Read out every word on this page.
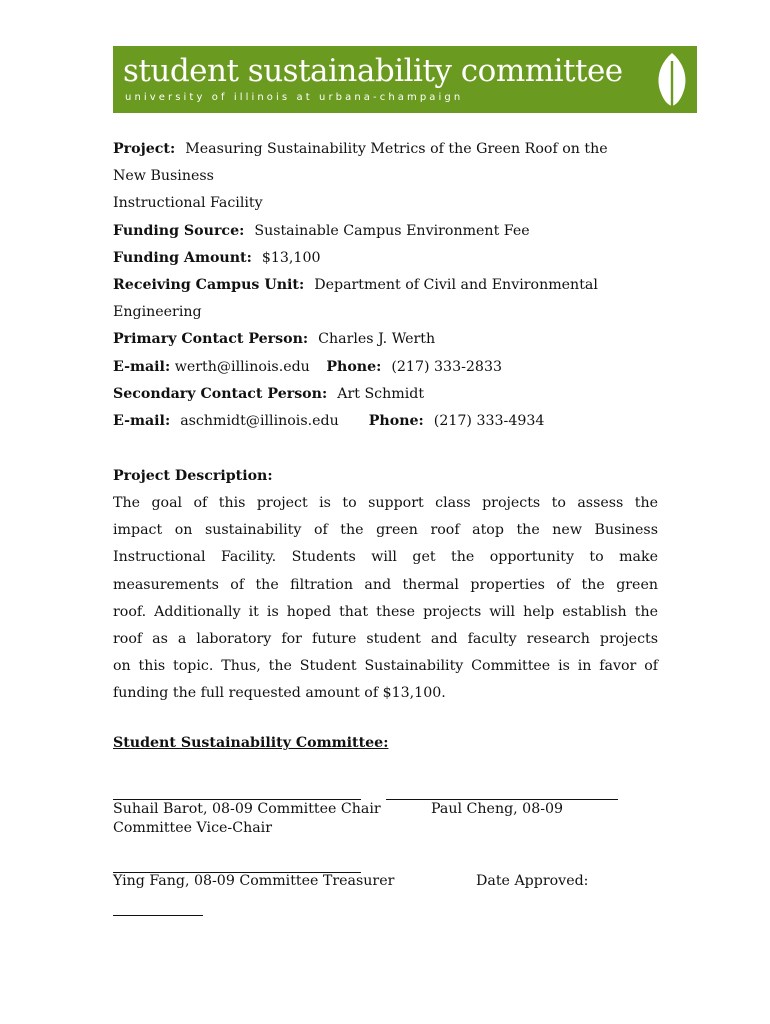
student sustainability committee
university of illinois at urbana-champaign
Project: Measuring Sustainability Metrics of the Green Roof on the
New Business
Instructional Facility
Funding Source: Sustainable Campus Environment Fee
Funding Amount: $13,100
Receiving Campus Unit: Department of Civil and Environmental
Engineering
Primary Contact Person: Charles J. Werth
E-mail: werth@illinois.edu Phone: (217) 333-2833
Secondary Contact Person: Art Schmidt
E-mail: aschmidt@illinois.edu Phone: (217) 333-4934
Project Description:
The goal of this project is to support class projects to assess the
impact on sustainability of the green roof atop the new Business
Instructional Facility. Students will get the opportunity to make
measurements of the filtration and thermal properties of the green
roof. Additionally it is hoped that these projects will help establish the
roof as a laboratory for future student and faculty research projects
on this topic. Thus, the Student Sustainability Committee is in favor of
funding the full requested amount of $13,100.
Student Sustainability Committee:
Suhail Barot, 08-09 Committee Chair	Paul Cheng, 08-09
Committee Vice-Chair
Ying Fang, 08-09 Committee Treasurer	Date Approved:
